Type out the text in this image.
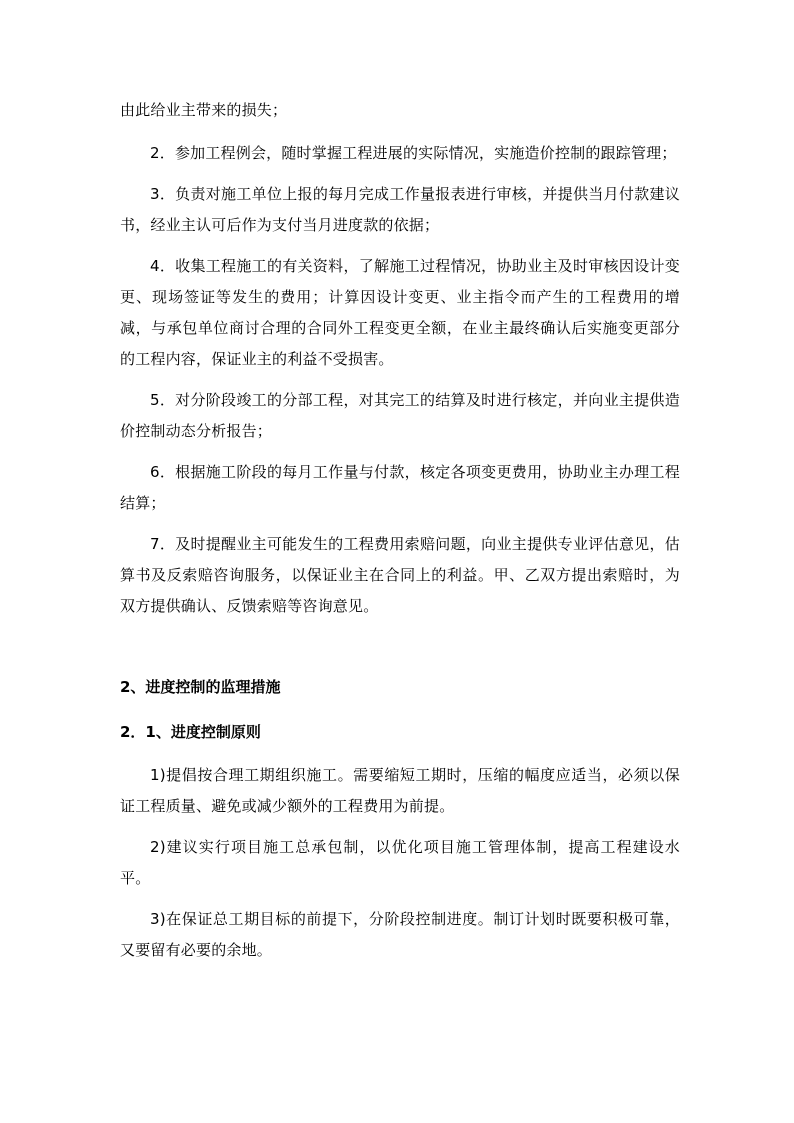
由此给业主带来的损失；

2．参加工程例会，随时掌握工程进展的实际情况，实施造价控制的跟踪管理；

3．负责对施工单位上报的每月完成工作量报表进行审核，并提供当月付款建议书，经业主认可后作为支付当月进度款的依据；

4．收集工程施工的有关资料，了解施工过程情况，协助业主及时审核因设计变更、现场签证等发生的费用；计算因设计变更、业主指令而产生的工程费用的增减，与承包单位商讨合理的合同外工程变更全额，在业主最终确认后实施变更部分的工程内容，保证业主的利益不受损害。

5．对分阶段竣工的分部工程，对其完工的结算及时进行核定，并向业主提供造价控制动态分析报告；

6．根据施工阶段的每月工作量与付款，核定各项变更费用，协助业主办理工程结算；

7．及时提醒业主可能发生的工程费用索赔问题，向业主提供专业评估意见，估算书及反索赔咨询服务，以保证业主在合同上的利益。甲、乙双方提出索赔时，为双方提供确认、反馈索赔等咨询意见。

2、进度控制的监理措施
2．1、进度控制原则

1)提倡按合理工期组织施工。需要缩短工期时，压缩的幅度应适当，必须以保证工程质量、避免或减少额外的工程费用为前提。

2)建议实行项目施工总承包制，以优化项目施工管理体制，提高工程建设水平。

3)在保证总工期目标的前提下，分阶段控制进度。制订计划时既要积极可靠，又要留有必要的余地。
